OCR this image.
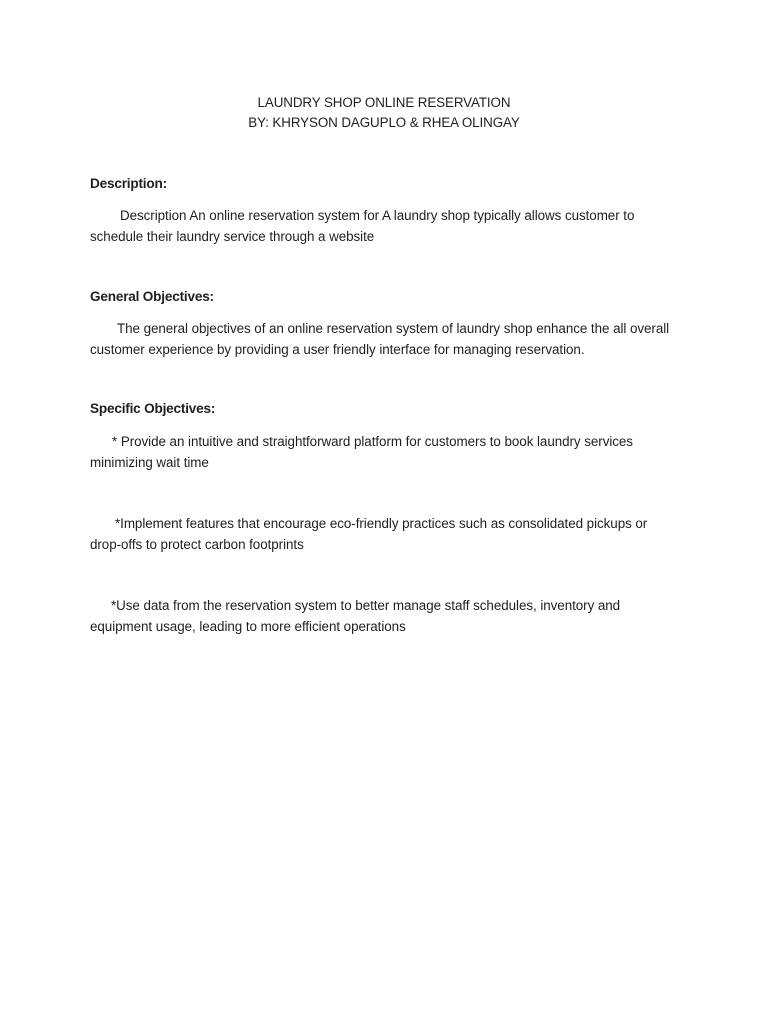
LAUNDRY SHOP ONLINE RESERVATION
BY: KHRYSON DAGUPLO & RHEA OLINGAY
Description:
Description An online reservation system for A laundry shop typically allows customer to schedule their laundry service through a website
General Objectives:
The general objectives of an online reservation system of laundry shop enhance the all overall customer experience by providing a user friendly interface for managing reservation.
Specific Objectives:
* Provide an intuitive and straightforward platform for customers to book laundry services minimizing wait time
*Implement features that encourage eco-friendly practices such as consolidated pickups or drop-offs to protect carbon footprints
*Use data from the reservation system to better manage staff schedules, inventory and equipment usage, leading to more efficient operations
